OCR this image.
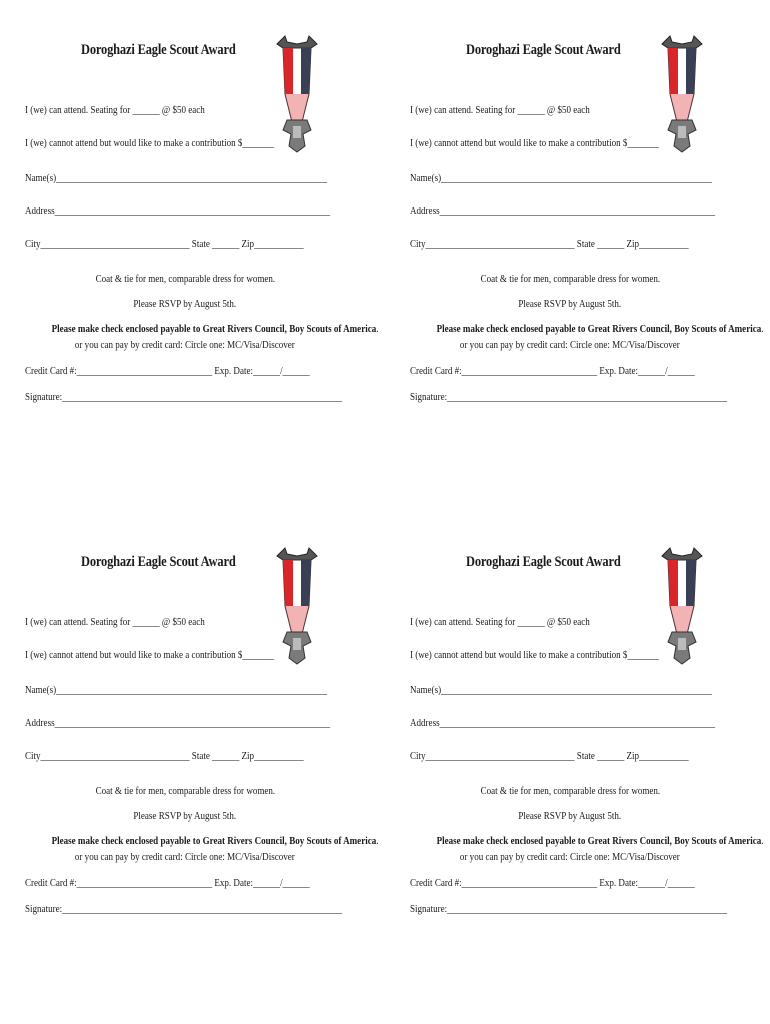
Doroghazi Eagle Scout Award
I (we) can attend. Seating for ______ @ $50 each
I (we) cannot attend but would like to make a contribution $_______
Name(s)____________________________________________________________
Address_____________________________________________________________
City_________________________________ State ______ Zip___________
Coat & tie for men, comparable dress for women.
Please RSVP by August 5th.
Please make check enclosed payable to Great Rivers Council, Boy Scouts of America.
or you can pay by credit card: Circle one: MC/Visa/Discover
Credit Card #:______________________________ Exp. Date:______/______
Signature:______________________________________________________________
Doroghazi Eagle Scout Award
I (we) can attend. Seating for ______ @ $50 each
I (we) cannot attend but would like to make a contribution $_______
Name(s)____________________________________________________________
Address_____________________________________________________________
City_________________________________ State ______ Zip___________
Coat & tie for men, comparable dress for women.
Please RSVP by August 5th.
Please make check enclosed payable to Great Rivers Council, Boy Scouts of America.
or you can pay by credit card: Circle one: MC/Visa/Discover
Credit Card #:______________________________ Exp. Date:______/______
Signature:______________________________________________________________
Doroghazi Eagle Scout Award
I (we) can attend. Seating for ______ @ $50 each
I (we) cannot attend but would like to make a contribution $_______
Name(s)____________________________________________________________
Address_____________________________________________________________
City_________________________________ State ______ Zip___________
Coat & tie for men, comparable dress for women.
Please RSVP by August 5th.
Please make check enclosed payable to Great Rivers Council, Boy Scouts of America.
or you can pay by credit card: Circle one: MC/Visa/Discover
Credit Card #:______________________________ Exp. Date:______/______
Signature:______________________________________________________________
Doroghazi Eagle Scout Award
I (we) can attend. Seating for ______ @ $50 each
I (we) cannot attend but would like to make a contribution $_______
Name(s)____________________________________________________________
Address_____________________________________________________________
City_________________________________ State ______ Zip___________
Coat & tie for men, comparable dress for women.
Please RSVP by August 5th.
Please make check enclosed payable to Great Rivers Council, Boy Scouts of America.
or you can pay by credit card: Circle one: MC/Visa/Discover
Credit Card #:______________________________ Exp. Date:______/______
Signature:______________________________________________________________
